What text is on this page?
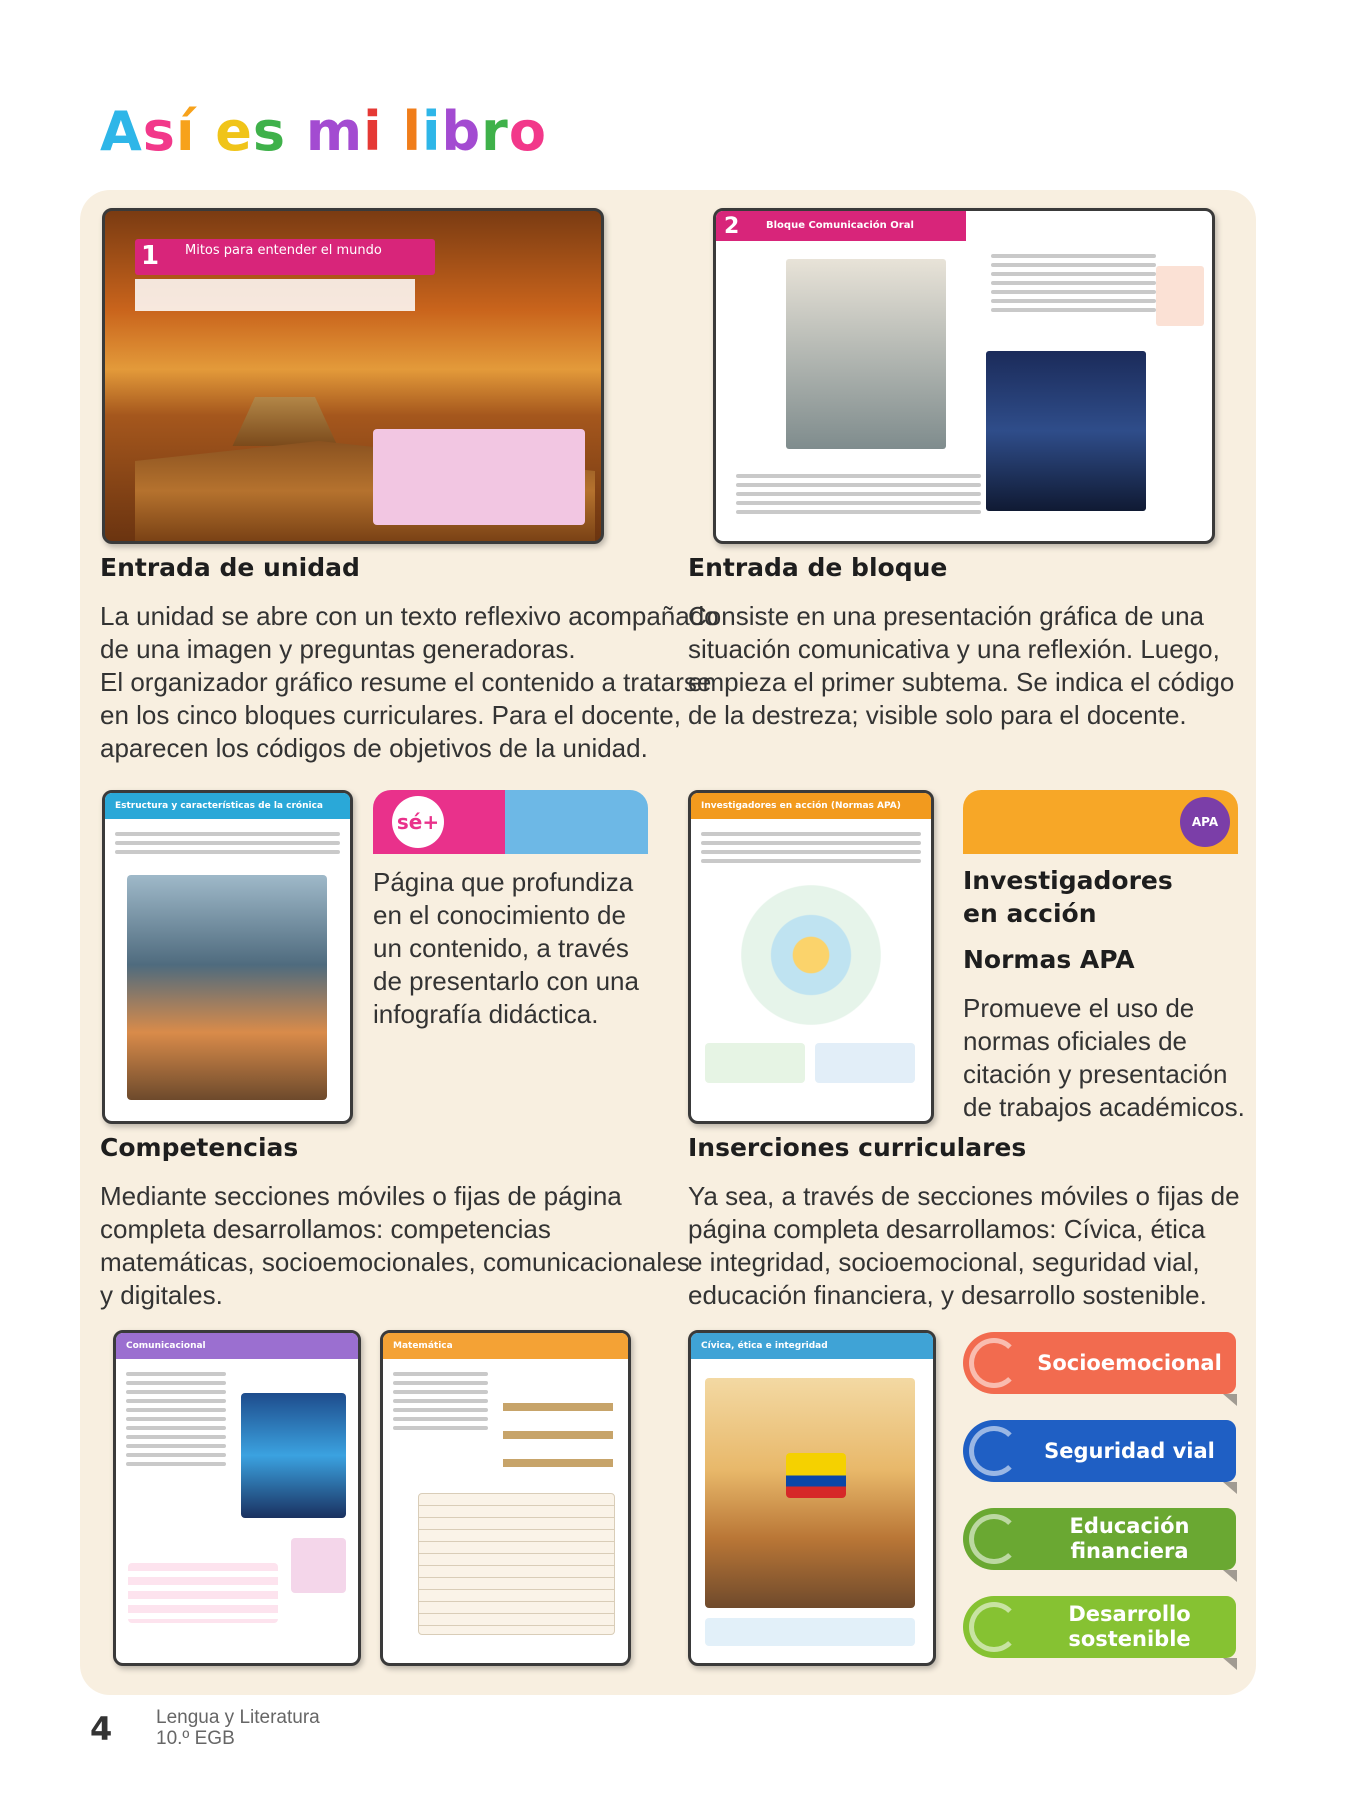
Así es mi libro
1	Mitos para entender el mundo
2	Bloque Comunicación Oral
Entrada de unidad
La unidad se abre con un texto reflexivo acompañado
de una imagen y preguntas generadoras.
El organizador gráfico resume el contenido a tratarse
en los cinco bloques curriculares. Para el docente,
aparecen los códigos de objetivos de la unidad.
Entrada de bloque
Consiste en una presentación gráfica de una
situación comunicativa y una reflexión. Luego,
empieza el primer subtema. Se indica el código
de la destreza; visible solo para el docente.
Estructura y características de la crónica
sé+
Página que profundiza
en el conocimiento de
un contenido, a través
de presentarlo con una
infografía didáctica.
Investigadores en acción (Normas APA)
APA
Investigadores
en acción
Normas APA
Promueve el uso de
normas oficiales de
citación y presentación
de trabajos académicos.
Competencias
Mediante secciones móviles o fijas de página
completa desarrollamos: competencias
matemáticas, socioemocionales, comunicacionales
y digitales.
Inserciones curriculares
Ya sea, a través de secciones móviles o fijas de
página completa desarrollamos: Cívica, ética
e integridad, socioemocional, seguridad vial,
educación financiera, y desarrollo sostenible.
Comunicacional	Matemática	Cívica, ética e integridad
Socioemocional
Seguridad vial
Educación financiera
Desarrollo sostenible
4 Lengua y Literatura
10.º EGB
